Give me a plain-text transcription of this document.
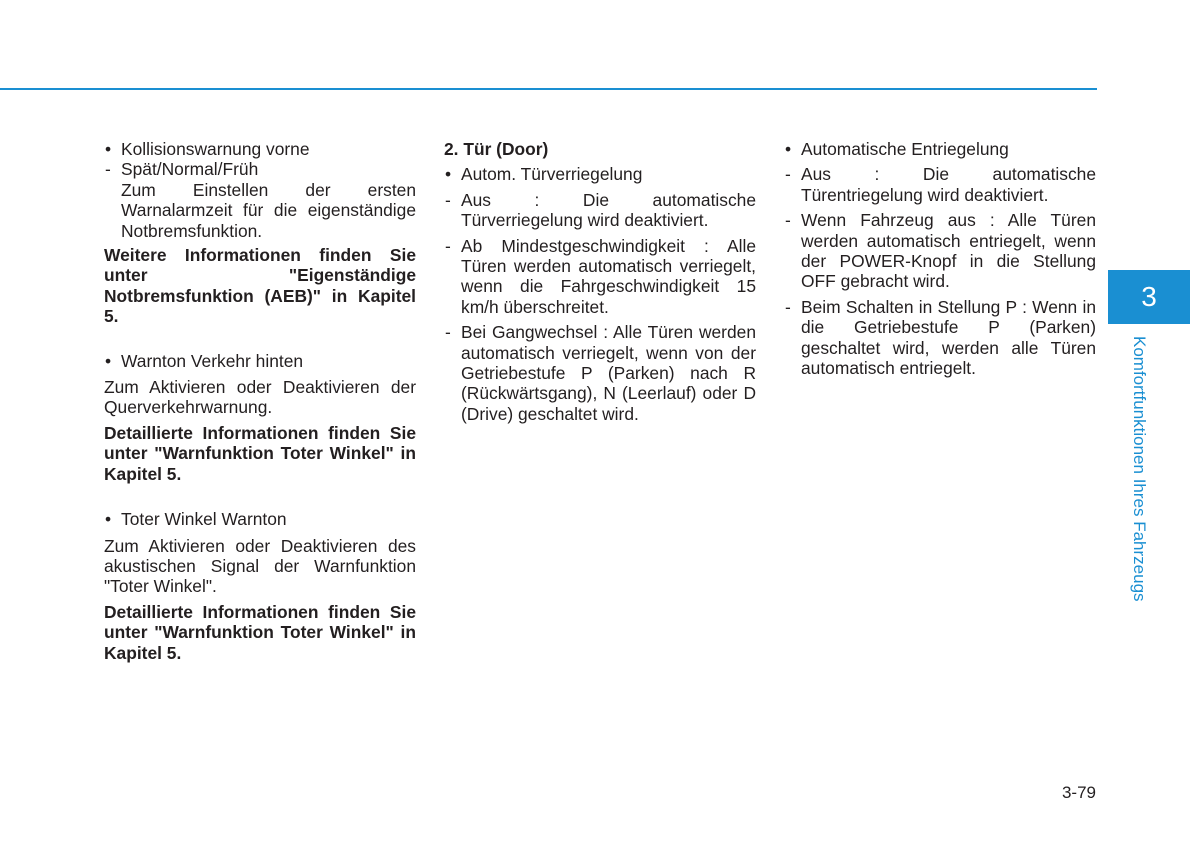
• Kollisionswarnung vorne

- Spät/Normal/Früh

Zum Einstellen der ersten Warnalarmzeit für die eigenständige Notbremsfunktion.

Weitere Informationen finden Sie unter "Eigenständige Notbremsfunktion (AEB)" in Kapitel 5.

• Warnton Verkehr hinten

Zum Aktivieren oder Deaktivieren der Querverkehrwarnung.

Detaillierte Informationen finden Sie unter "Warnfunktion Toter Winkel" in Kapitel 5.

• Toter Winkel Warnton

Zum Aktivieren oder Deaktivieren des akustischen Signal der Warnfunktion "Toter Winkel".

Detaillierte Informationen finden Sie unter "Warnfunktion Toter Winkel" in Kapitel 5.

2. Tür (Door)

• Autom. Türverriegelung

- Aus : Die automatische Türverriegelung wird deaktiviert.

- Ab Mindestgeschwindigkeit : Alle Türen werden automatisch verriegelt, wenn die Fahrgeschwindigkeit 15 km/h überschreitet.

- Bei Gangwechsel : Alle Türen werden automatisch verriegelt, wenn von der Getriebestufe P (Parken) nach R (Rückwärtsgang), N (Leerlauf) oder D (Drive) geschaltet wird.

• Automatische Entriegelung

- Aus : Die automatische Türentriegelung wird deaktiviert.

- Wenn Fahrzeug aus : Alle Türen werden automatisch entriegelt, wenn der POWER-Knopf in die Stellung OFF gebracht wird.

- Beim Schalten in Stellung P : Wenn in die Getriebestufe P (Parken) geschaltet wird, werden alle Türen automatisch entriegelt.

3
Komfortfunktionen Ihres Fahrzeugs
3-79
